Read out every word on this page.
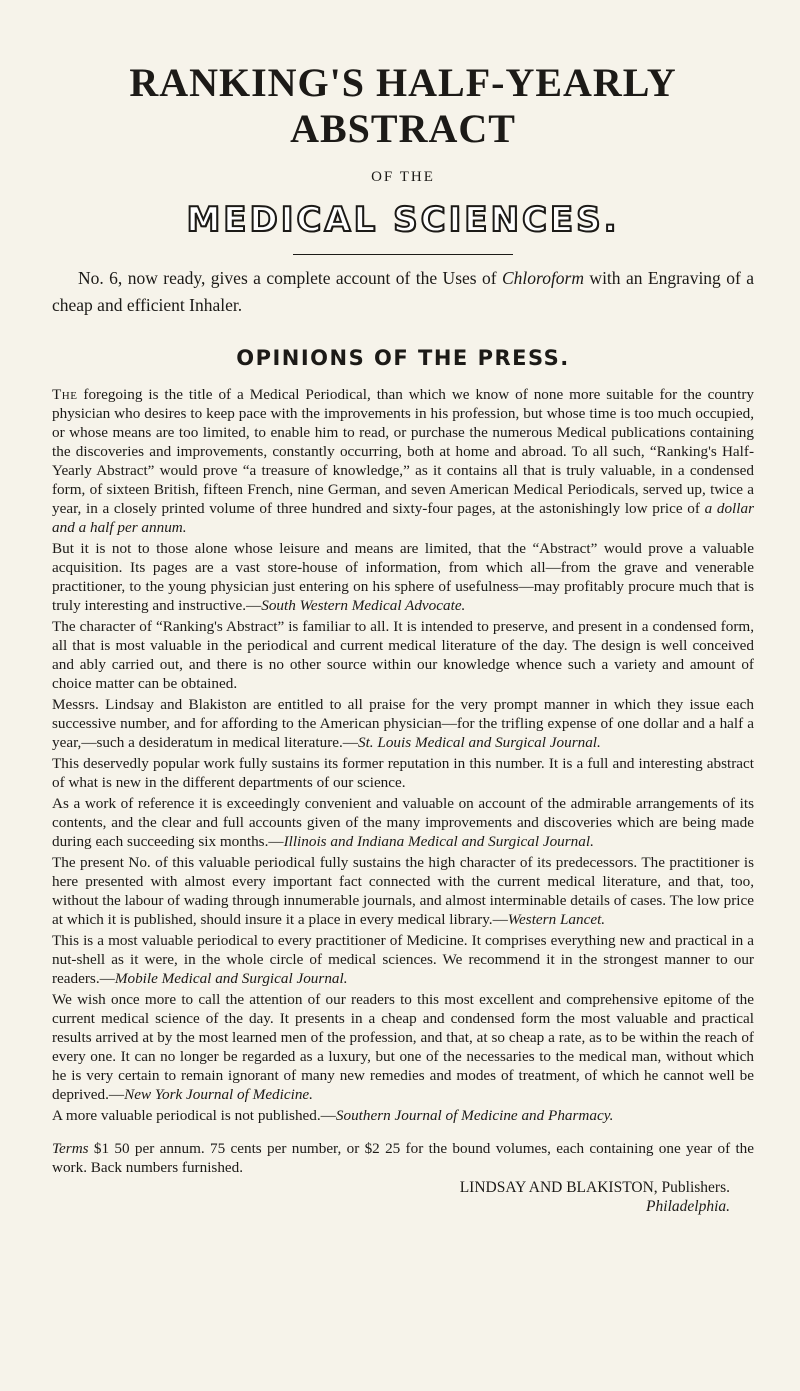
RANKING'S HALF-YEARLY ABSTRACT
OF THE
MEDICAL SCIENCES.

No. 6, now ready, gives a complete account of the Uses of Chloroform with an Engraving of a cheap and efficient Inhaler.

OPINIONS OF THE PRESS.
The foregoing is the title of a Medical Periodical, than which we know of none more suitable for the country physician who desires to keep pace with the improvements in his profession, but whose time is too much occupied, or whose means are too limited, to enable him to read, or purchase the numerous Medical publications containing the discoveries and improvements, constantly occurring, both at home and abroad. To all such, “Ranking's Half-Yearly Abstract” would prove “a treasure of knowledge,” as it contains all that is truly valuable, in a condensed form, of sixteen British, fifteen French, nine German, and seven American Medical Periodicals, served up, twice a year, in a closely printed volume of three hundred and sixty-four pages, at the astonishingly low price of a dollar and a half per annum.
But it is not to those alone whose leisure and means are limited, that the “Abstract” would prove a valuable acquisition. Its pages are a vast store-house of information, from which all—from the grave and venerable practitioner, to the young physician just entering on his sphere of usefulness—may profitably procure much that is truly interesting and instructive.—South Western Medical Advocate.
The character of “Ranking's Abstract” is familiar to all. It is intended to preserve, and present in a condensed form, all that is most valuable in the periodical and current medical literature of the day. The design is well conceived and ably carried out, and there is no other source within our knowledge whence such a variety and amount of choice matter can be obtained.
Messrs. Lindsay and Blakiston are entitled to all praise for the very prompt manner in which they issue each successive number, and for affording to the American physician—for the trifling expense of one dollar and a half a year,—such a desideratum in medical literature.—St. Louis Medical and Surgical Journal.
This deservedly popular work fully sustains its former reputation in this number. It is a full and interesting abstract of what is new in the different departments of our science.
As a work of reference it is exceedingly convenient and valuable on account of the admirable arrangements of its contents, and the clear and full accounts given of the many improvements and discoveries which are being made during each succeeding six months.—Illinois and Indiana Medical and Surgical Journal.
The present No. of this valuable periodical fully sustains the high character of its predecessors. The practitioner is here presented with almost every important fact connected with the current medical literature, and that, too, without the labour of wading through innumerable journals, and almost interminable details of cases. The low price at which it is published, should insure it a place in every medical library.—Western Lancet.
This is a most valuable periodical to every practitioner of Medicine. It comprises everything new and practical in a nut-shell as it were, in the whole circle of medical sciences. We recommend it in the strongest manner to our readers.—Mobile Medical and Surgical Journal.
We wish once more to call the attention of our readers to this most excellent and comprehensive epitome of the current medical science of the day. It presents in a cheap and condensed form the most valuable and practical results arrived at by the most learned men of the profession, and that, at so cheap a rate, as to be within the reach of every one. It can no longer be regarded as a luxury, but one of the necessaries to the medical man, without which he is very certain to remain ignorant of many new remedies and modes of treatment, of which he cannot well be deprived.—New York Journal of Medicine.
A more valuable periodical is not published.—Southern Journal of Medicine and Pharmacy.
Terms $1 50 per annum. 75 cents per number, or $2 25 for the bound volumes, each containing one year of the work. Back numbers furnished.
LINDSAY AND BLAKISTON, Publishers.
Philadelphia.
